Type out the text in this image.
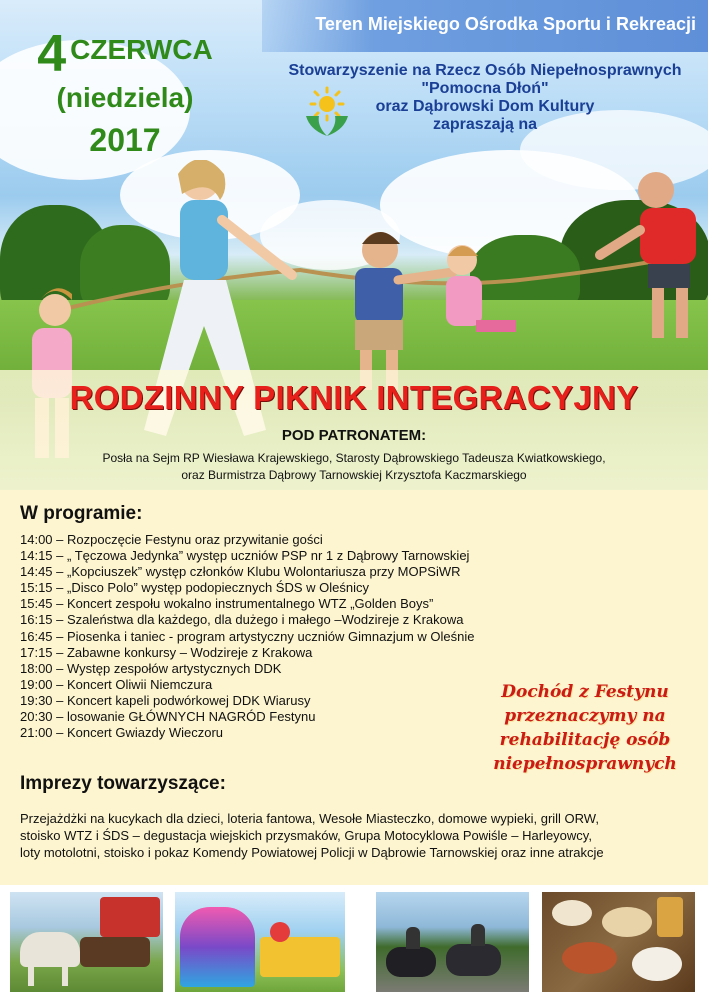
Teren Miejskiego Ośrodka Sportu i Rekreacji
4 $^{CZERWCA}$
(niedziela)
2017
Stowarzyszenie na Rzecz Osób Niepełnosprawnych
"Pomocna Dłoń"
oraz Dąbrowski Dom Kultury
zapraszają na
RODZINNY PIKNIK INTEGRACYJNY
POD PATRONATEM:
Posła na Sejm RP Wiesława Krajewskiego, Starosty Dąbrowskiego Tadeusza Kwiatkowskiego,
oraz Burmistrza Dąbrowy Tarnowskiej Krzysztofa Kaczmarskiego
W programie:
14:00 – Rozpoczęcie Festynu oraz przywitanie gości
14:15 – „ Tęczowa Jedynka” występ uczniów PSP nr 1 z Dąbrowy Tarnowskiej
14:45 – „Kopciuszek” występ członków Klubu Wolontariusza przy MOPSiWR
15:15 – „Disco Polo” występ podopiecznych ŚDS w Oleśnicy
15:45 – Koncert zespołu wokalno instrumentalnego WTZ „Golden Boys”
16:15 – Szaleństwa dla każdego, dla dużego i małego –Wodzireje z Krakowa
16:45 – Piosenka i taniec - program artystyczny uczniów Gimnazjum w Oleśnie
17:15 – Zabawne konkursy – Wodzireje z Krakowa
18:00 – Występ zespołów artystycznych DDK
19:00 – Koncert Oliwii Niemczura
19:30 – Koncert kapeli podwórkowej DDK Wiarusy
20:30 – losowanie GŁÓWNYCH NAGRÓD Festynu
21:00 – Koncert Gwiazdy Wieczoru
Dochód z Festynu
przeznaczymy na
rehabilitację osób
niepełnosprawnych
Imprezy towarzyszące:
Przejażdżki na kucykach dla dzieci, loteria fantowa, Wesołe Miasteczko, domowe wypieki, grill ORW,
stoisko WTZ i ŚDS – degustacja wiejskich przysmaków, Grupa Motocyklowa Powiśle – Harleyowcy,
loty motolotni, stoisko i pokaz Komendy Powiatowej Policji w Dąbrowie Tarnowskiej oraz inne atrakcje
